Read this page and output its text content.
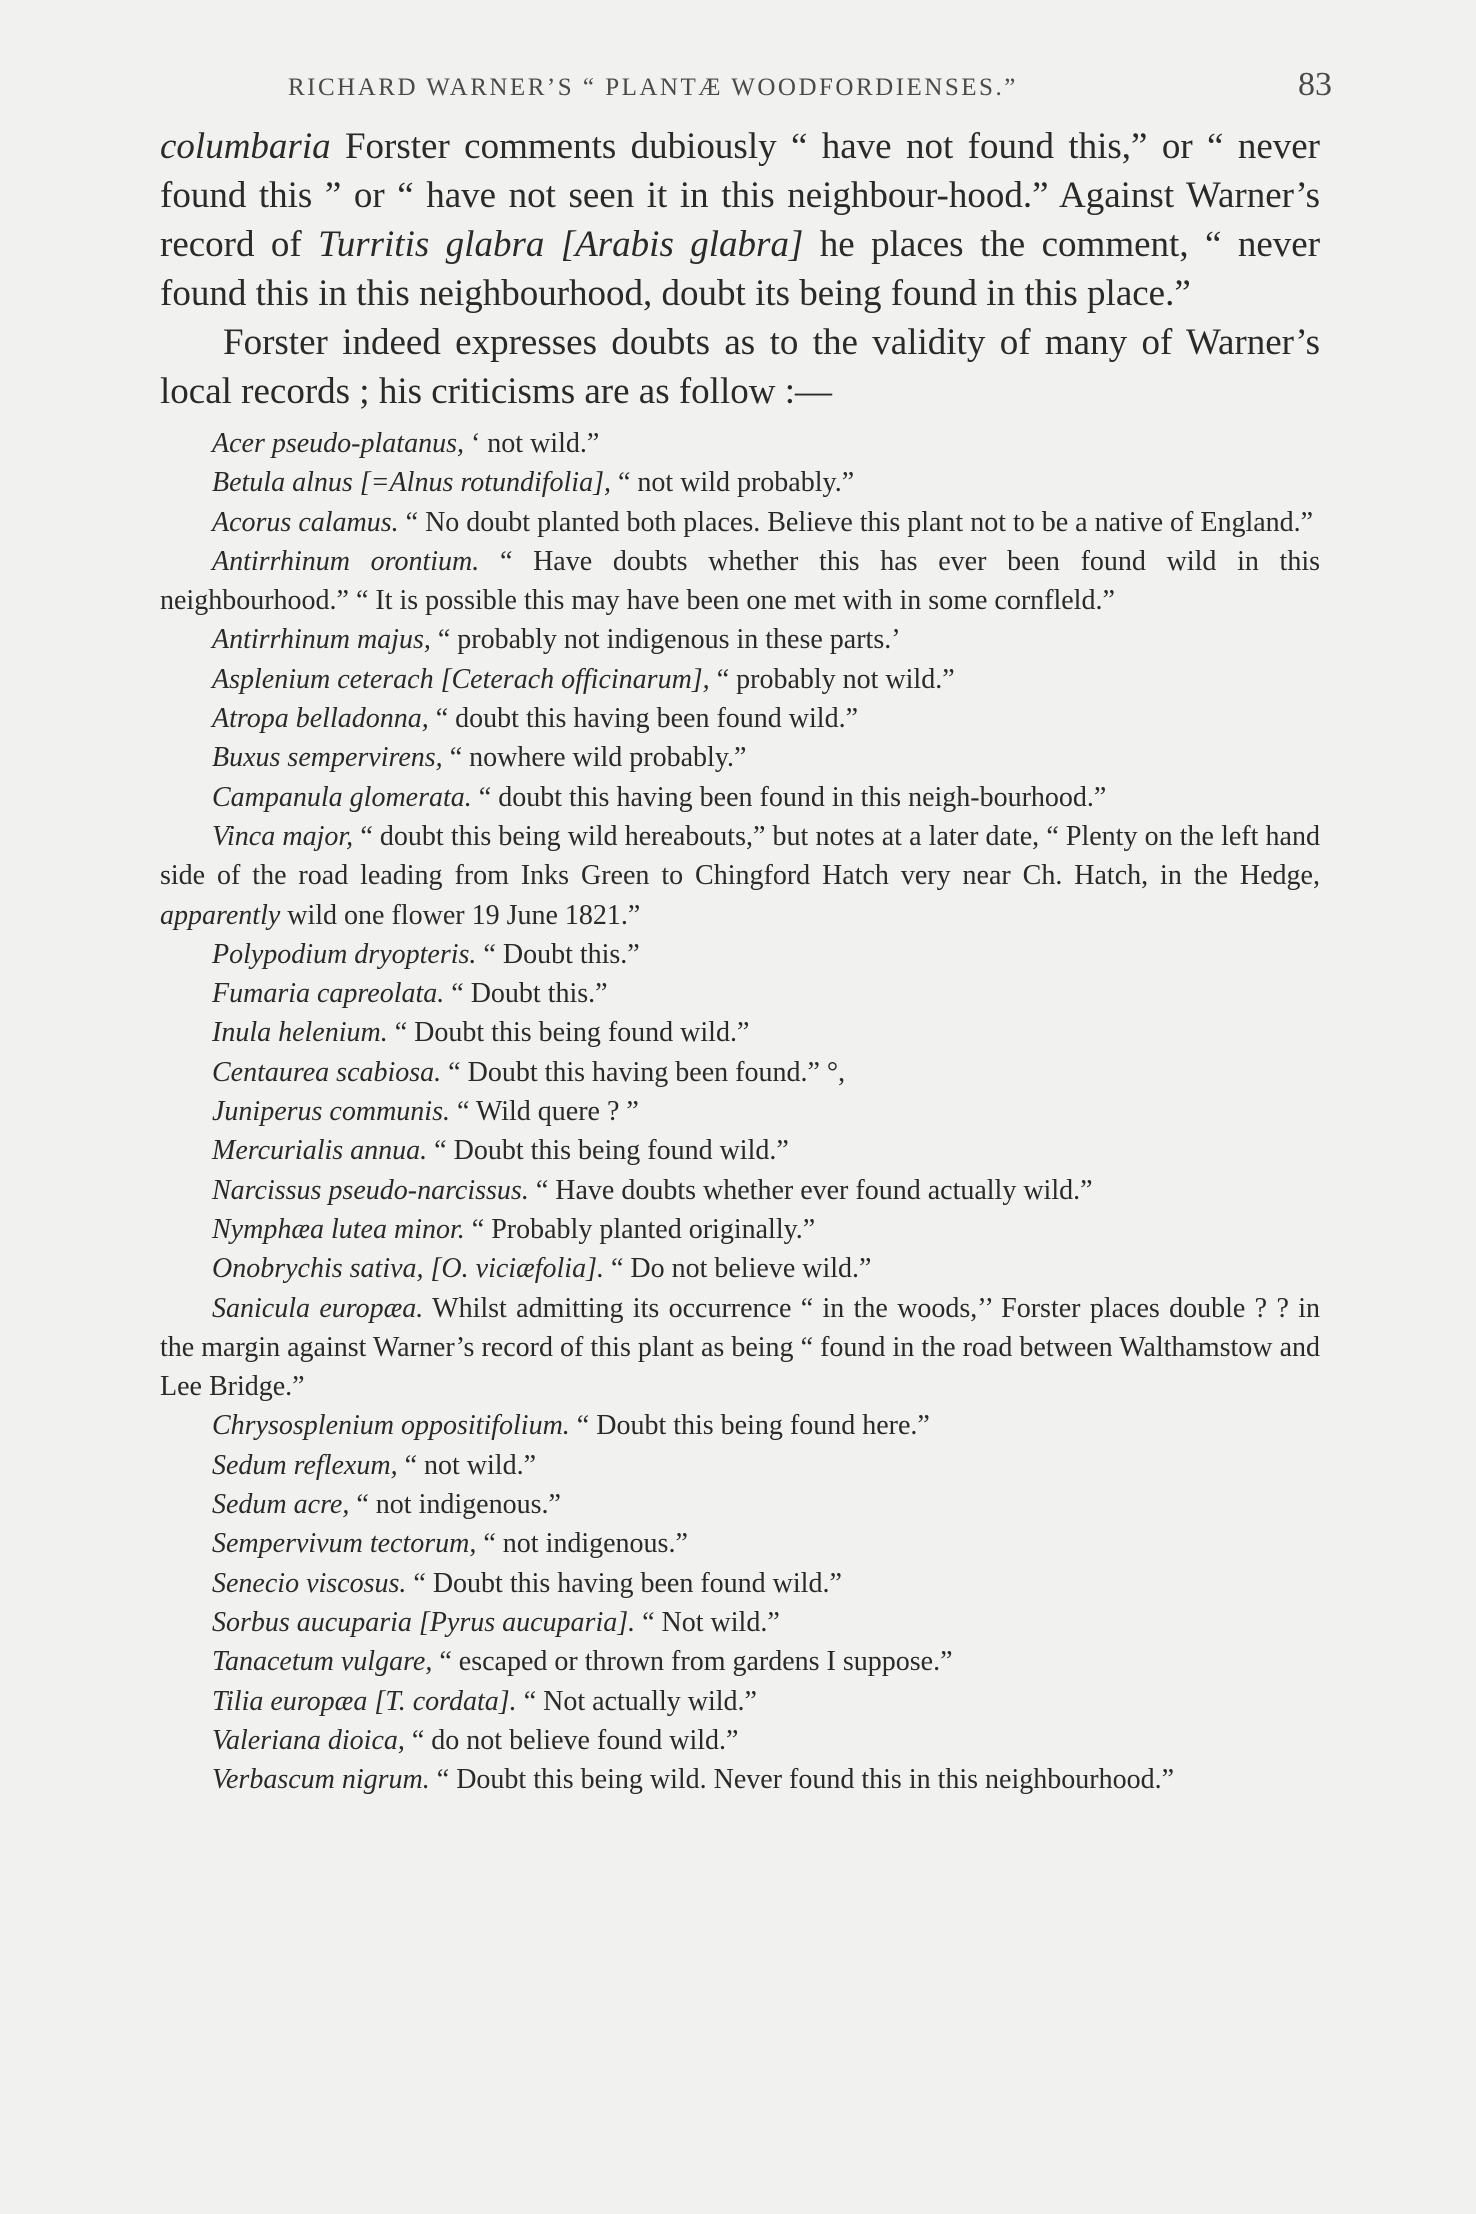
RICHARD WARNER’S “ PLANTÆ WOODFORDIENSES.”	83

columbaria Forster comments dubiously “ have not found this,” or “ never found this ” or “ have not seen it in this neighbour-hood.” Against Warner’s record of Turritis glabra [Arabis glabra] he places the comment, “ never found this in this neighbourhood, doubt its being found in this place.”

Forster indeed expresses doubts as to the validity of many of Warner’s local records ; his criticisms are as follow :—

Acer pseudo-platanus, ‘ not wild.”

Betula alnus [=Alnus rotundifolia], “ not wild probably.”

Acorus calamus. “ No doubt planted both places. Believe this plant not to be a native of England.”

Antirrhinum orontium. “ Have doubts whether this has ever been found wild in this neighbourhood.” “ It is possible this may have been one met with in some cornfleld.”

Antirrhinum majus, “ probably not indigenous in these parts.’

Asplenium ceterach [Ceterach officinarum], “ probably not wild.”

Atropa belladonna, “ doubt this having been found wild.”

Buxus sempervirens, “ nowhere wild probably.”

Campanula glomerata. “ doubt this having been found in this neigh-bourhood.”

Vinca major, “ doubt this being wild hereabouts,” but notes at a later date, “ Plenty on the left hand side of the road leading from Inks Green to Chingford Hatch very near Ch. Hatch, in the Hedge, apparently wild one flower 19 June 1821.”

Polypodium dryopteris. “ Doubt this.”

Fumaria capreolata. “ Doubt this.”

Inula helenium. “ Doubt this being found wild.”

Centaurea scabiosa. “ Doubt this having been found.” °,

Juniperus communis. “ Wild quere ? ”

Mercurialis annua. “ Doubt this being found wild.”

Narcissus pseudo-narcissus. “ Have doubts whether ever found actually wild.”

Nymphæa lutea minor. “ Probably planted originally.”

Onobrychis sativa, [O. viciæfolia]. “ Do not believe wild.”

Sanicula europæa. Whilst admitting its occurrence “ in the woods,’’ Forster places double ? ? in the margin against Warner’s record of this plant as being “ found in the road between Walthamstow and Lee Bridge.”

Chrysosplenium oppositifolium. “ Doubt this being found here.”

Sedum reflexum, “ not wild.”

Sedum acre, “ not indigenous.”

Sempervivum tectorum, “ not indigenous.”

Senecio viscosus. “ Doubt this having been found wild.”

Sorbus aucuparia [Pyrus aucuparia]. “ Not wild.”

Tanacetum vulgare, “ escaped or thrown from gardens I suppose.”

Tilia europæa [T. cordata]. “ Not actually wild.”

Valeriana dioica, “ do not believe found wild.”

Verbascum nigrum. “ Doubt this being wild. Never found this in this neighbourhood.”
